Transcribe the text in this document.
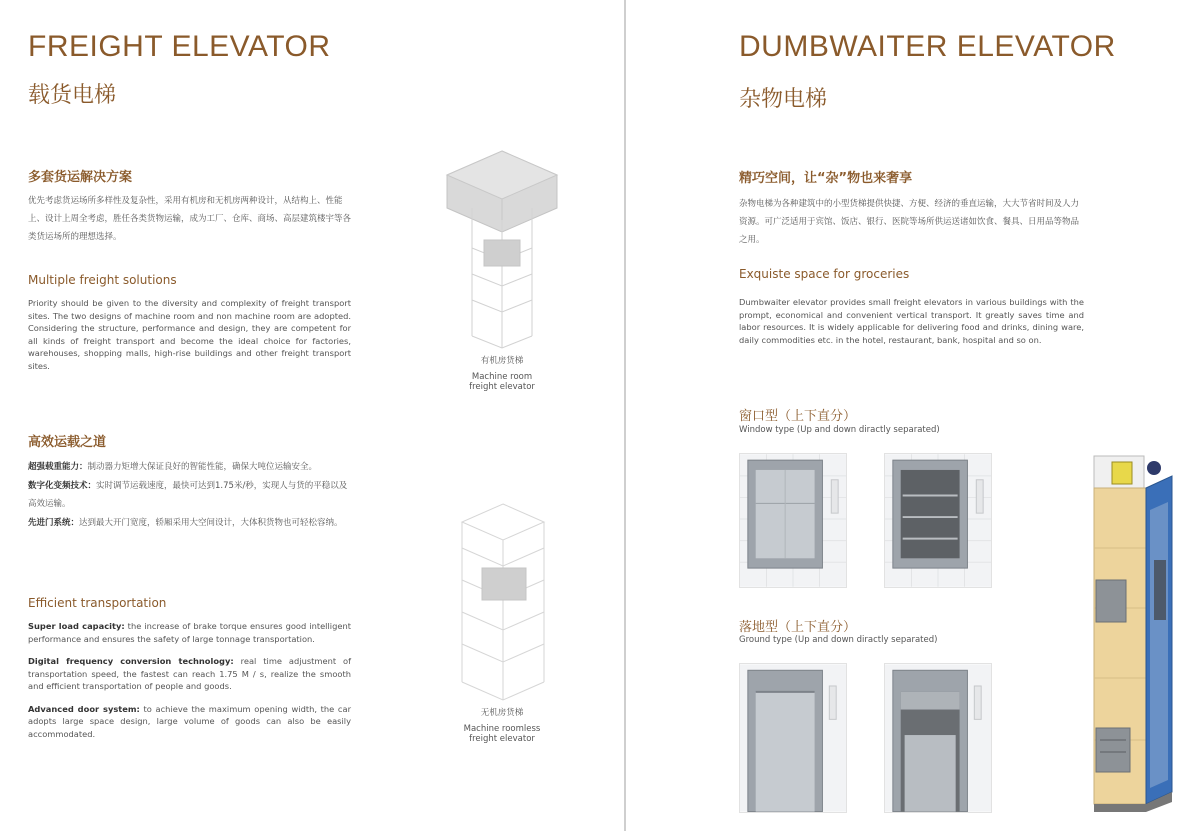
FREIGHT ELEVATOR
载货电梯
多套货运解决方案

优先考虑货运场所多样性及复杂性，采用有机房和无机房两种设计，从结构上、性能上、设计上周全考虑，胜任各类货物运输，成为工厂、仓库、商场、高层建筑楼宇等各类货运场所的理想选择。

Multiple freight solutions

Priority should be given to the diversity and complexity of freight transport sites. The two designs of machine room and non machine room are adopted. Considering the structure, performance and design, they are competent for all kinds of freight transport and become the ideal choice for factories, warehouses, shopping malls, high-rise buildings and other freight transport sites.

高效运载之道

超强载重能力：制动器力矩增大保证良好的智能性能，确保大吨位运输安全。

数字化变频技术：实时调节运载速度，最快可达到1.75米/秒，实现人与货的平稳以及高效运输。

先进门系统：达到最大开门宽度，轿厢采用大空间设计，大体积货物也可轻松容纳。

Efficient transportation

Super load capacity: the increase of brake torque ensures good intelligent performance and ensures the safety of large tonnage transportation.

Digital frequency conversion technology: real time adjustment of transportation speed, the fastest can reach 1.75 M / s, realize the smooth and efficient transportation of people and goods.

Advanced door system: to achieve the maximum opening width, the car adopts large space design, large volume of goods can also be easily accommodated.

有机房货梯
Machine room
freight elevator
无机房货梯
Machine roomless
freight elevator
DUMBWAITER ELEVATOR
杂物电梯
精巧空间，让“杂”物也来奢享

杂物电梯为各种建筑中的小型货梯提供快捷、方便、经济的垂直运输，大大节省时间及人力资源。可广泛适用于宾馆、饭店、银行、医院等场所供运送诸如饮食、餐具、日用品等物品之用。

Exquiste space for groceries

Dumbwaiter elevator provides small freight elevators in various buildings with the prompt, economical and convenient vertical transport. It greatly saves time and labor resources. It is widely applicable for delivering food and drinks, dining ware, daily commodities etc. in the hotel, restaurant, bank, hospital and so on.

窗口型（上下直分）
Window type (Up and down diractly separated)
落地型（上下直分）
Ground type (Up and down diractly separated)
